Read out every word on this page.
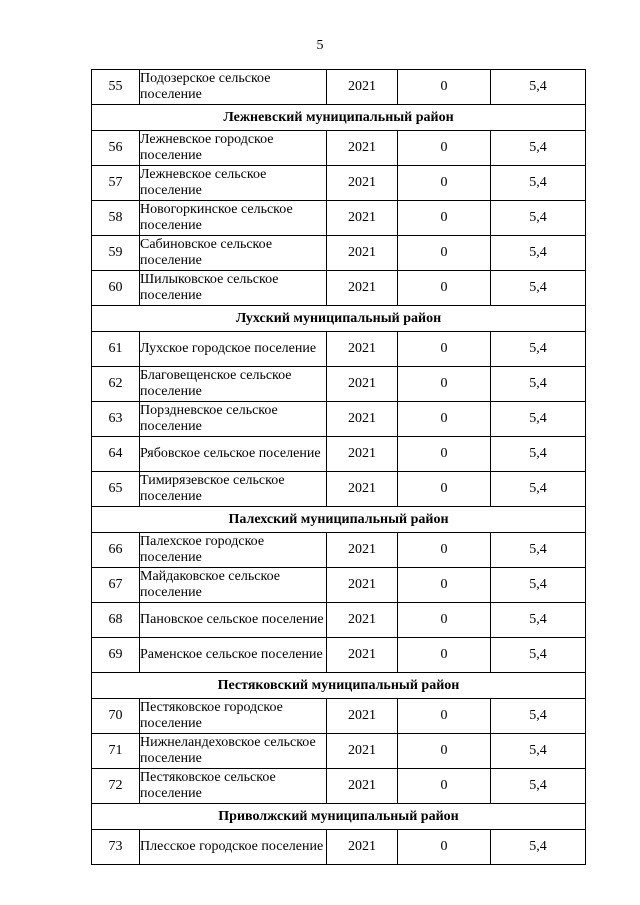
5
55	Подозерское сельское поселение	2021	0	5,4
Лежневский муниципальный район				
56	Лежневское городское поселение	2021	0	5,4
57	Лежневское сельское поселение	2021	0	5,4
58	Новогоркинское сельское поселение	2021	0	5,4
59	Сабиновское сельское поселение	2021	0	5,4
60	Шилыковское сельское поселение	2021	0	5,4
Лухский муниципальный район				
61	Лухское городское поселение	2021	0	5,4
62	Благовещенское сельское поселение	2021	0	5,4
63	Порздневское сельское поселение	2021	0	5,4
64	Рябовское сельское поселение	2021	0	5,4
65	Тимирязевское сельское поселение	2021	0	5,4
Палехский муниципальный район				
66	Палехское городское поселение	2021	0	5,4
67	Майдаковское сельское поселение	2021	0	5,4
68	Пановское сельское поселение	2021	0	5,4
69	Раменское сельское поселение	2021	0	5,4
Пестяковский муниципальный район				
70	Пестяковское городское поселение	2021	0	5,4
71	Нижнеландеховское сельское поселение	2021	0	5,4
72	Пестяковское сельское поселение	2021	0	5,4
Приволжский муниципальный район				
73	Плесское городское поселение	2021	0	5,4
